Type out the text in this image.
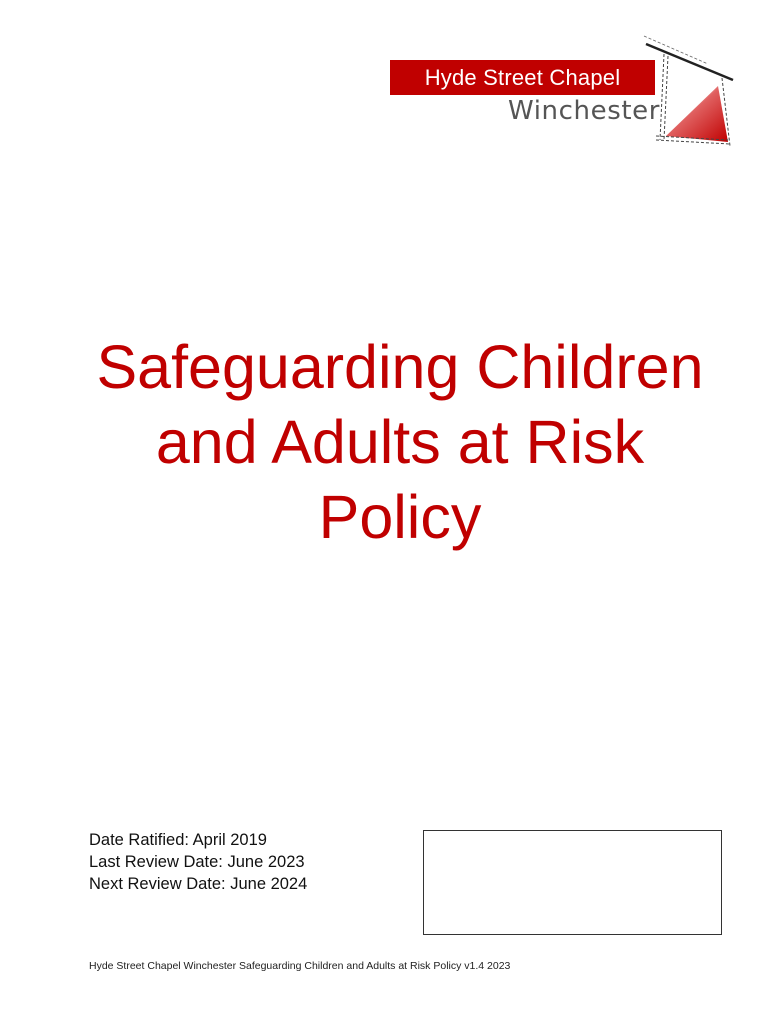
Hyde Street Chapel
Winchester
Safeguarding Children
and Adults at Risk
Policy
Date Ratified: April 2019
Last Review Date: June 2023
Next Review Date: June 2024
Hyde Street Chapel Winchester Safeguarding Children and Adults at Risk Policy v1.4 2023
